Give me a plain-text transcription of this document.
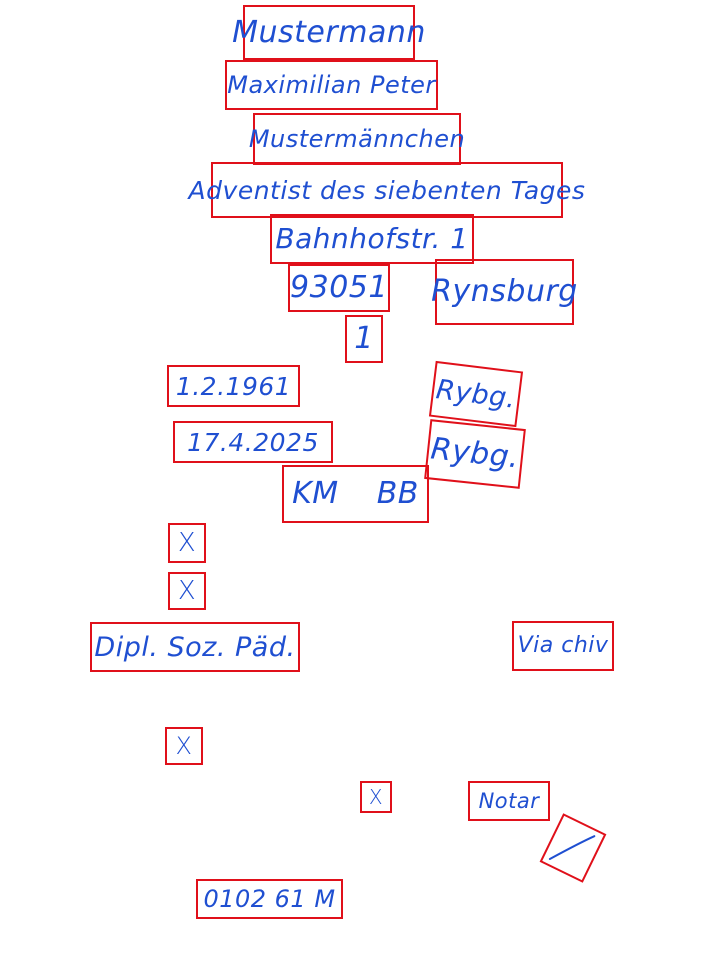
Mustermann
Maximilian Peter
Mustermännchen
Adventist des siebenten Tages
Bahnhofstr. 1
93051 Rynsburg
1
1.2.1961	Rybg.
17.4.2025	Rybg.
KM BB
X
X
Dipl. Soz. Päd.	Via chiv
X
X	Notar
0102 61 M
